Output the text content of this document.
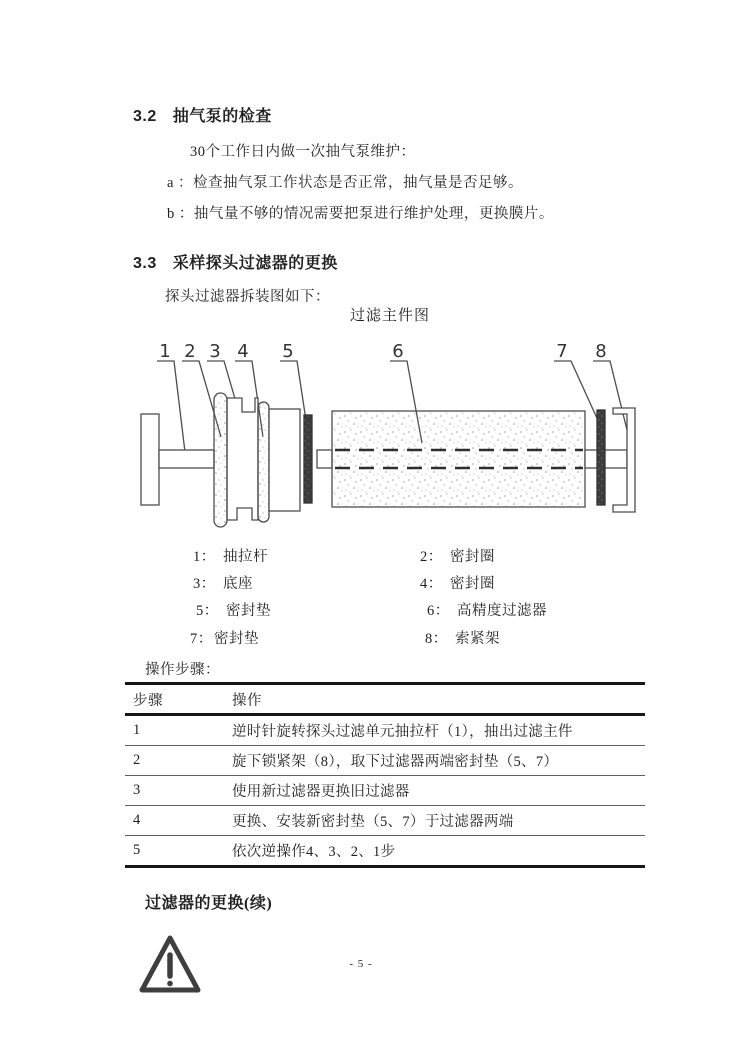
3.2 抽气泵的检查
30个工作日内做一次抽气泵维护：
a ：检查抽气泵工作状态是否正常，抽气量是否足够。
b ：抽气量不够的情况需要把泵进行维护处理，更换膜片。
3.3 采样探头过滤器的更换
探头过滤器拆装图如下：
过滤主件图
1 2 3 4 5	6	7 8
1： 抽拉杆	2： 密封圈
3： 底座	4： 密封圈
5： 密封垫	6： 高精度过滤器
7：密封垫	8： 索紧架
操作步骤：
步骤	操作
1	逆时针旋转探头过滤单元抽拉杆（1），抽出过滤主件
2	旋下锁紧架（8），取下过滤器两端密封垫（5、7）
3	使用新过滤器更换旧过滤器
4	更换、安装新密封垫（5、7）于过滤器两端
5	依次逆操作4、3、2、1步
过滤器的更换(续)
- 5 -
